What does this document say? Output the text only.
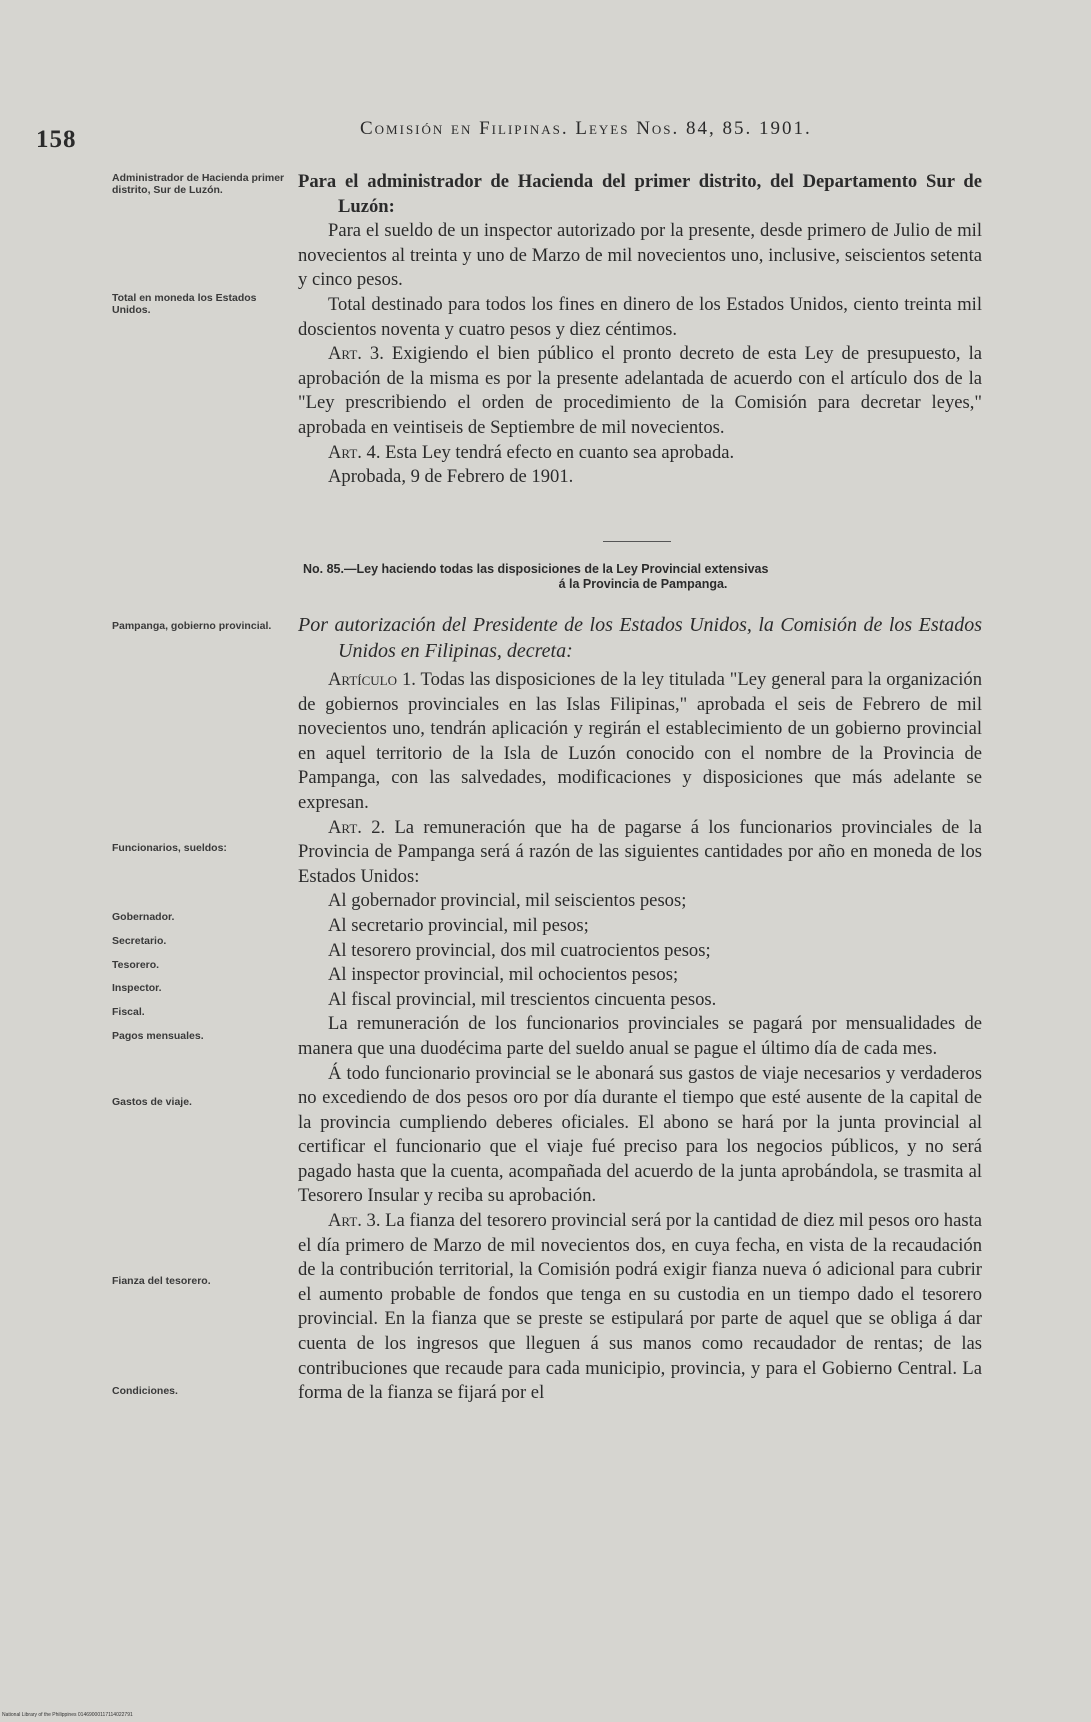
158	Comisión en Filipinas. Leyes Nos. 84, 85. 1901.
Administrador de Hacienda primer distrito, Sur de Luzón.
Total en moneda los Estados Unidos.
Pampanga, gobierno provincial.
Funcionarios, sueldos:
Gobernador.
Secretario.
Tesorero.
Inspector.
Fiscal.
Pagos mensuales.
Gastos de viaje.
Fianza del tesorero.
Condiciones.

Para el administrador de Hacienda del primer distrito, del Departamento Sur de Luzón:

Para el sueldo de un inspector autorizado por la presente, desde primero de Julio de mil novecientos al treinta y uno de Marzo de mil novecientos uno, inclusive, seiscientos setenta y cinco pesos.

Total destinado para todos los fines en dinero de los Estados Unidos, ciento treinta mil doscientos noventa y cuatro pesos y diez céntimos.

Art. 3. Exigiendo el bien público el pronto decreto de esta Ley de presupuesto, la aprobación de la misma es por la presente adelantada de acuerdo con el artículo dos de la "Ley prescribiendo el orden de procedimiento de la Comisión para decretar leyes," aprobada en veintiseis de Septiembre de mil novecientos.

Art. 4. Esta Ley tendrá efecto en cuanto sea aprobada.

Aprobada, 9 de Febrero de 1901.

No. 85.—Ley haciendo todas las disposiciones de la Ley Provincial extensivas
á la Provincia de Pampanga.

Por autorización del Presidente de los Estados Unidos, la Comisión de los Estados Unidos en Filipinas, decreta:

Artículo 1. Todas las disposiciones de la ley titulada "Ley general para la organización de gobiernos provinciales en las Islas Filipinas," aprobada el seis de Febrero de mil novecientos uno, tendrán aplicación y regirán el establecimiento de un gobierno provincial en aquel territorio de la Isla de Luzón conocido con el nombre de la Provincia de Pampanga, con las salvedades, modificaciones y disposiciones que más adelante se expresan.

Art. 2. La remuneración que ha de pagarse á los funcionarios provinciales de la Provincia de Pampanga será á razón de las siguientes cantidades por año en moneda de los Estados Unidos:

Al gobernador provincial, mil seiscientos pesos;

Al secretario provincial, mil pesos;

Al tesorero provincial, dos mil cuatrocientos pesos;

Al inspector provincial, mil ochocientos pesos;

Al fiscal provincial, mil trescientos cincuenta pesos.

La remuneración de los funcionarios provinciales se pagará por mensualidades de manera que una duodécima parte del sueldo anual se pague el último día de cada mes.

Á todo funcionario provincial se le abonará sus gastos de viaje necesarios y verdaderos no excediendo de dos pesos oro por día durante el tiempo que esté ausente de la capital de la provincia cumpliendo deberes oficiales. El abono se hará por la junta provincial al certificar el funcionario que el viaje fué preciso para los negocios públicos, y no será pagado hasta que la cuenta, acompañada del acuerdo de la junta aprobándola, se trasmita al Tesorero Insular y reciba su aprobación.

Art. 3. La fianza del tesorero provincial será por la cantidad de diez mil pesos oro hasta el día primero de Marzo de mil novecientos dos, en cuya fecha, en vista de la recaudación de la contribución territorial, la Comisión podrá exigir fianza nueva ó adicional para cubrir el aumento probable de fondos que tenga en su custodia en un tiempo dado el tesorero provincial. En la fianza que se preste se estipulará por parte de aquel que se obliga á dar cuenta de los ingresos que lleguen á sus manos como recaudador de rentas; de las contribuciones que recaude para cada municipio, provincia, y para el Gobierno Central. La forma de la fianza se fijará por el

National Library of the Philippines 01469000117114022791
